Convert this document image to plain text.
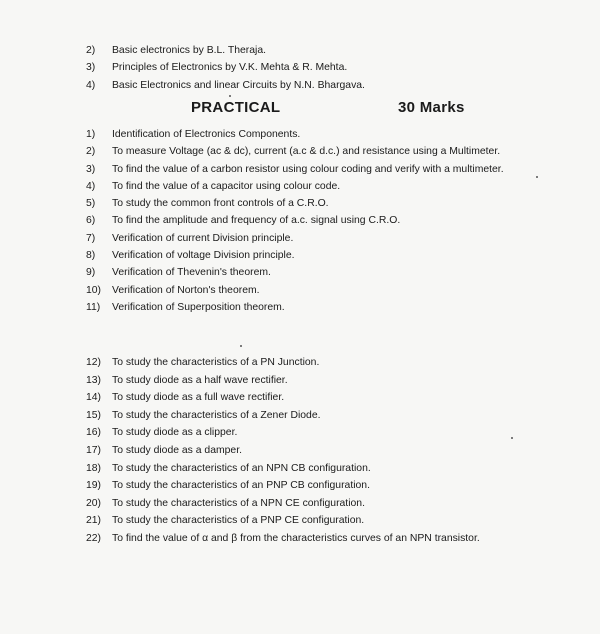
2) Basic electronics by B.L. Theraja.
3) Principles of Electronics by V.K. Mehta & R. Mehta.
4) Basic Electronics and linear Circuits by N.N. Bhargava.
PRACTICAL	30 Marks
1) Identification of Electronics Components.
2) To measure Voltage (ac & dc), current (a.c & d.c.) and resistance using a Multimeter.
3) To find the value of a carbon resistor using colour coding and verify with a multimeter.
4) To find the value of a capacitor using colour code.
5) To study the common front controls of a C.R.O.
6) To find the amplitude and frequency of a.c. signal using C.R.O.
7) Verification of current Division principle.
8) Verification of voltage Division principle.
9) Verification of Thevenin's theorem.
10) Verification of Norton's theorem.
11) Verification of Superposition theorem.
12) To study the characteristics of a PN Junction.
13) To study diode as a half wave rectifier.
14) To study diode as a full wave rectifier.
15) To study the characteristics of a Zener Diode.
16) To study diode as a clipper.
17) To study diode as a damper.
18) To study the characteristics of an NPN CB configuration.
19) To study the characteristics of an PNP CB configuration.
20) To study the characteristics of a NPN CE configuration.
21) To study the characteristics of a PNP CE configuration.
22) To find the value of α and β from the characteristics curves of an NPN transistor.
